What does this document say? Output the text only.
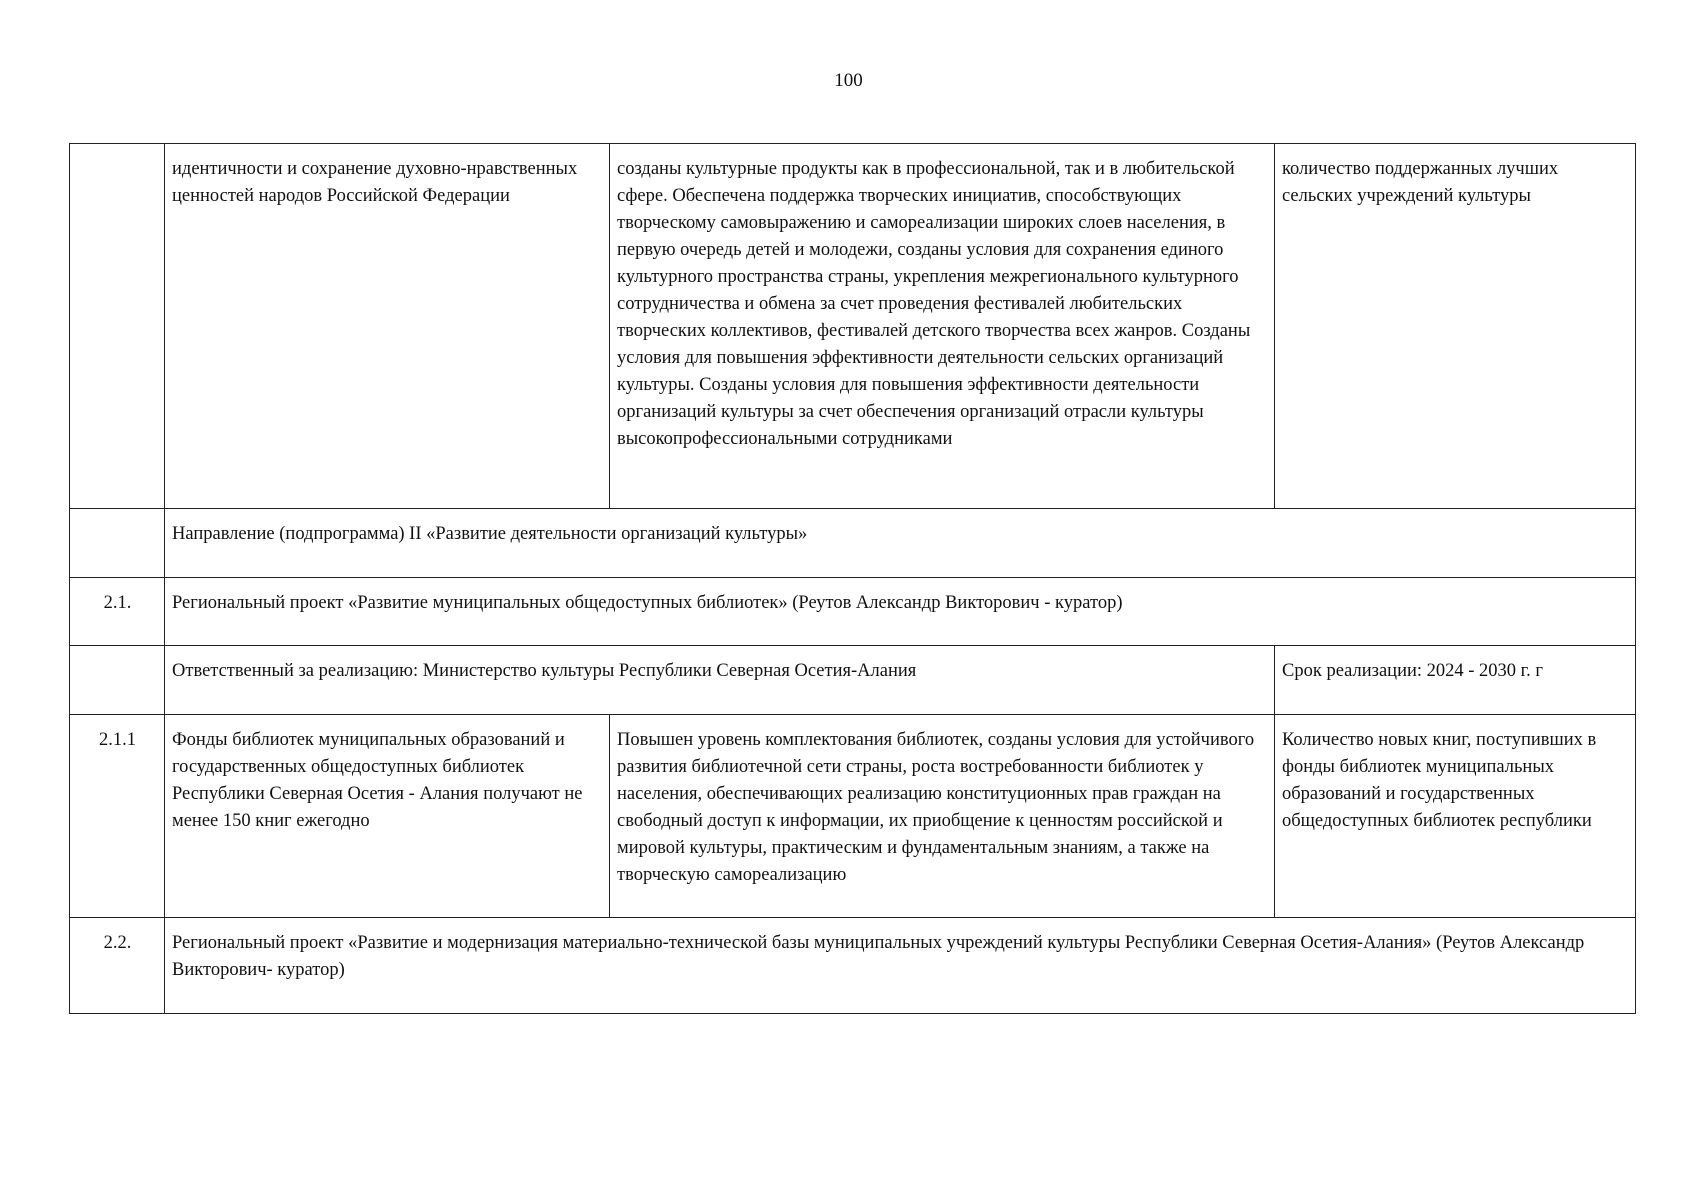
100
	идентичности и сохранение духовно-нравственных ценностей народов Российской Федерации	созданы культурные продукты как в профессиональной, так и в любительской сфере. Обеспечена поддержка творческих инициатив, способствующих творческому самовыражению и самореализации широких слоев населения, в первую очередь детей и молодежи, созданы условия для сохранения единого культурного пространства страны, укрепления межрегионального культурного сотрудничества и обмена за счет проведения фестивалей любительских творческих коллективов, фестивалей детского творчества всех жанров. Созданы условия для повышения эффективности деятельности сельских организаций культуры. Созданы условия для повышения эффективности деятельности организаций культуры за счет обеспечения организаций отрасли культуры высокопрофессиональными сотрудниками	количество поддержанных лучших сельских учреждений культуры
	Направление (подпрограмма) II «Развитие деятельности организаций культуры»		
2.1.	Региональный проект «Развитие муниципальных общедоступных библиотек» (Реутов Александр Викторович - куратор)		
	Ответственный за реализацию: Министерство культуры Республики Северная Осетия-Алания		Срок реализации: 2024 - 2030 г. г
2.1.1	Фонды библиотек муниципальных образований и государственных общедоступных библиотек Республики Северная Осетия - Алания получают не менее 150 книг ежегодно	Повышен уровень комплектования библиотек, созданы условия для устойчивого развития библиотечной сети страны, роста востребованности библиотек у населения, обеспечивающих реализацию конституционных прав граждан на свободный доступ к информации, их приобщение к ценностям российской и мировой культуры, практическим и фундаментальным знаниям, а также на творческую самореализацию	Количество новых книг, поступивших в фонды библиотек муниципальных образований и государственных общедоступных библиотек республики
2.2.	Региональный проект «Развитие и модернизация материально-технической базы муниципальных учреждений культуры Республики Северная Осетия-Алания» (Реутов Александр Викторович- куратор)		
